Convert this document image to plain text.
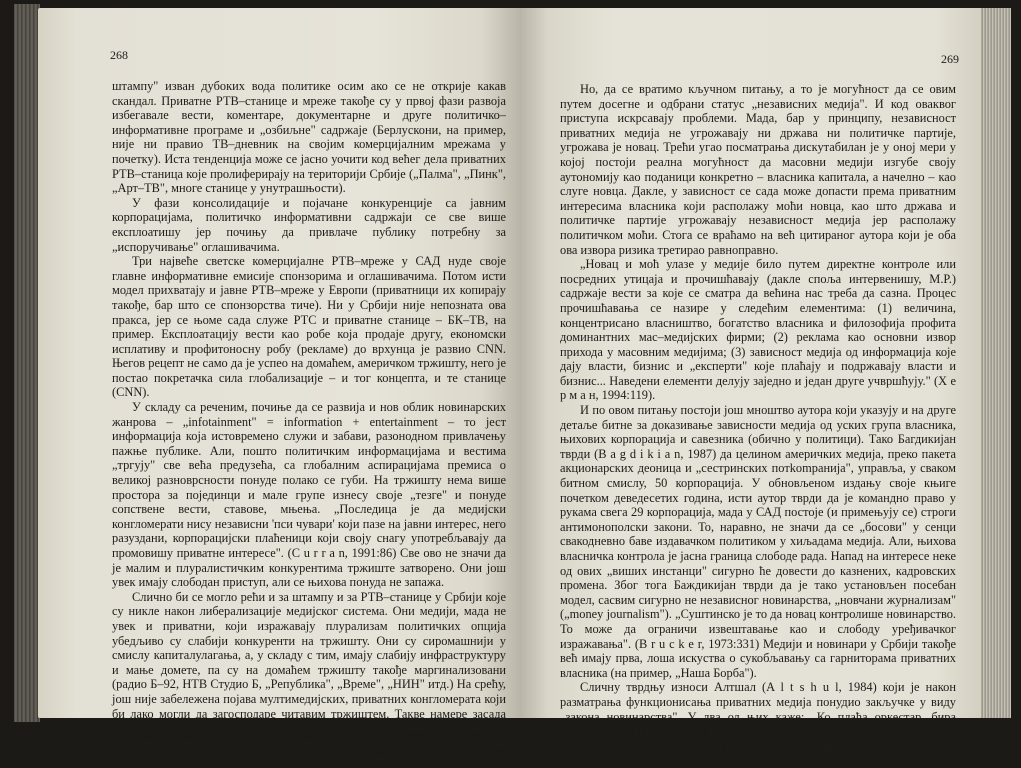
268

штампу" изван дубоких вода политике осим ако се не открије какав скандал. Приватне РТВ–станице и мреже такође су у првој фази развоја избегавале вести, коментаре, документарне и друге политичко–информативне програме и „озбиљне" садржаје (Берлускони, на пример, није ни правио ТВ–дневник на својим комерцијалним мрежама у почетку). Иста тенденција може се јасно уочити код већег дела приватних РТВ–станица које пролиферирају на територији Србије („Палма", „Пинк", „Арт–ТВ", многе станице у унутрашњости).

У фази консолидације и појачане конкуренције са јавним корпорацијама, политичко информативни садржаји се све више експлоатишу јер почињу да привлаче публику потребну за „испоручивање" оглашивачима.

Три највеће светске комерцијалне РТВ–мреже у САД нуде своје главне информативне емисије спонзорима и оглашивачима. Потом исти модел прихватају и јавне РТВ–мреже у Европи (приватници их копирају такође, бар што се спонзорства тиче). Ни у Србији није непозната ова пракса, јер се њоме сада служе РТС и приватне станице – БК–ТВ, на пример. Експлоатацију вести као робе која продаје другу, економски исплативу и профитоносну робу (рекламе) до врхунца је развио CNN. Његов рецепт не само да је успео на домаћем, америчком тржишту, него је постао покретачка сила глобализације – и тог концепта, и те станице (CNN).

У складу са реченим, почиње да се развија и нов облик новинарских жанрова – „infotainment" = information + entertainment – то јест информација која истовремено служи и забави, разонодном привлачењу пажње публике. Али, пошто политичким информацијама и вестима „тргују" све већа предузећа, са глобалним аспирацијама премиса о великој разноврсности понуде полако се губи. На тржишту нема више простора за појединци и мале групе изнесу своје „тезге" и понуде сопствене вести, ставове, мњења. „Последица је да медијски конгломерати нису независни 'пси чувари' који пазе на јавни интерес, него разуздани, корпорацијски плаћеници који своју снагу употребљавају да промовишу приватне интересе". (C u r r a n, 1991:86) Све ово не значи да је малим и плуралистичким конкурентима тржиште затворено. Они још увек имају слободан приступ, али се њихова понуда не запажа.

Слично би се могло рећи и за штампу и за РТВ–станице у Србији које су никле након либерализације медијског система. Они медији, мада не увек и приватни, који изражавају плурализам политичких опција убедљиво су слабији конкуренти на тржишту. Они су сиромашнији у смислу капиталулагања, а, у складу с тим, имају слабију инфраструктуру и мање домете, па су на домаћем тржишту такође маргинализовани (радио Б–92, НТВ Студио Б, „Република", „Време", „НИН" итд.) На срећу, још није забележена појава мултимедијских, приватних конгломерата који би лако могли да загосподаре читавим тржиштем. Такве намере засада сузбија јак интервенционизам државе, али остале, превасходно легалне препреке за њихово спречавање не постоје. У односу на овај ризик постоји правна празнина, па је будући развој неизвестан.

269

Но, да се вратимо кључном питању, а то је могућност да се овим путем досегне и одбрани статус „независних медија". И код оваквог приступа искрсавају проблеми. Мада, бар у принципу, независност приватних медија не угрожавају ни држава ни политичке партије, угрожава је новац. Трећи угао посматрања дискутабилан је у оној мери у којој постоји реална могућност да масовни медији изгубе своју аутономију као поданици конкретно – власника капитала, а начелно – као слуге новца. Дакле, у зависност се сада може допасти према приватним интересима власника који располажу моћи новца, као што држава и политичке партије угрожавају независност медија јер располажу политичком моћи. Стога се враћамо на већ цитираног аутора који је оба ова извора ризика третирао равноправно.

„Новац и моћ улазе у медије било путем директне контроле или посредних утицаја и прочишћавају (дакле споља интервенишу, М.Р.) садржаје вести за које се сматра да већина нас треба да сазна. Процес прочишћавања се назире у следећим елементима: (1) величина, концентрисано власништво, богатство власника и филозофија профита доминантних мас–медијских фирми; (2) реклама као основни извор прихода у масовним медијима; (3) зависност медија од информација које дају власти, бизнис и „експерти" које плаћају и подржавају власти и бизнис... Наведени елементи делују заједно и један друге учвршћују." (Х е р м а н, 1994:119).

И по овом питању постоји још мноштво аутора који указују и на друге детаље битне за доказивање зависности медија од уских група власника, њихових корпорација и савезника (обично у политици). Тако Багдикијан тврди (B a g d i k i a n, 1987) да целином америчких медија, преко пакета акционарских деоница и „сестринских потkompанија", управља, у сваком битном смислу, 50 корпорација. У обновљеном издању своје књиге почетком деведесетих година, исти аутор тврди да је командно право у рукама свега 29 корпорација, мада у САД постоје (и примењују се) строги антимонополски закони. То, наравно, не значи да се „босови" у сенци свакодневно баве издавачком политиком у хиљадама медија. Али, њихова власничка контрола је јасна граница слободе рада. Напад на интересе неке од ових „виших инстанци" сигурно ће довести до казнених, кадровских промена. Због тога Баждикијан тврди да је тако установљен посебан модел, сасвим сигурно не независног новинарства, „новчани журнализам" („money journalism"). „Суштинско је то да новац контролише новинарство. То може да ограничи извештавање као и слободу уређивачког изражавања". (B r u c k e r, 1973:331) Медији и новинари у Србији такође већ имају прва, лоша искуства о сукобљавању са гарниторама приватних власника (на пример, „Наша Борба").

Сличну тврдњу износи Алтшал (A l t s h u l, 1984) који је након разматрања функционисања приватних медија понудио закључке у виду „закона новинарства". У два од њих каже: „Ко плаћа оркестар, бира музику", и, „Новац се најдаље чује" (у јавној комуникацији). Тиме се указује на реалну могућност да сваки власник приватног медија изаберe и политичку опцију
